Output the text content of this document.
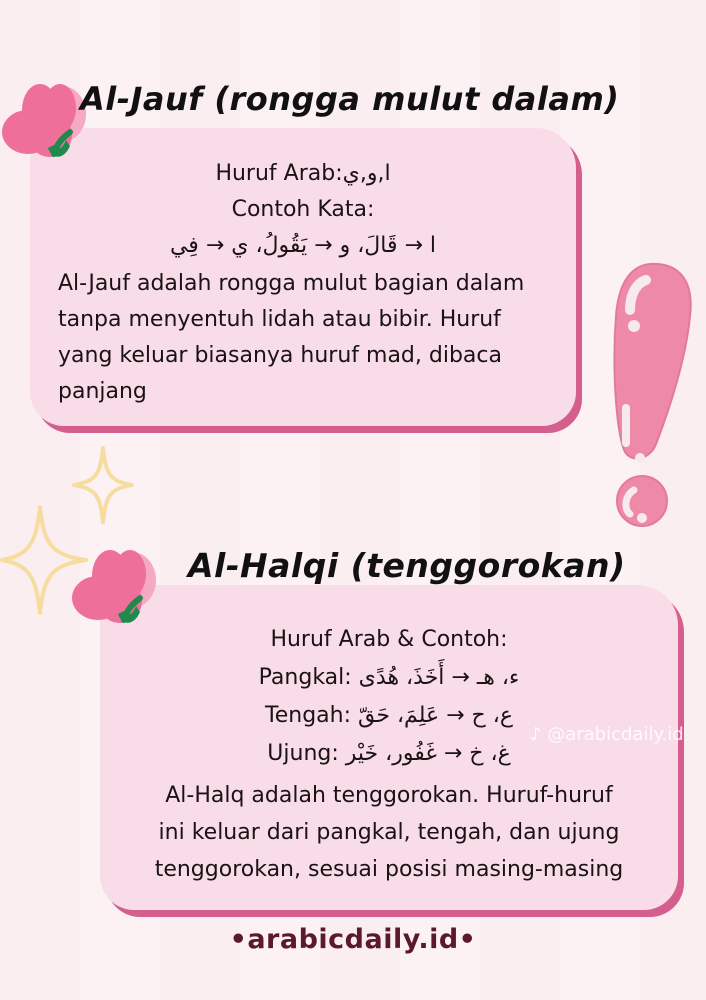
Al-Jauf (rongga mulut dalam)
Huruf Arab:ا,و,ي
Contoh Kata:
ا → قَالَ، و → يَقُولُ، ي → فِي
Al-Jauf adalah rongga mulut bagian dalam
tanpa menyentuh lidah atau bibir. Huruf
yang keluar biasanya huruf mad, dibaca
panjang
Al-Halqi (tenggorokan)
Huruf Arab & Contoh:
ء، هـ → أَخَذَ، هُدًى :Pangkal
ع، ح → عَلِمَ، حَقّ :Tengah
غ، خ → غَفُور، خَيْر :Ujung
Al-Halq adalah tenggorokan. Huruf-huruf
ini keluar dari pangkal, tengah, dan ujung
tenggorokan, sesuai posisi masing-masing
♪ @arabicdaily.id
•arabicdaily.id•
